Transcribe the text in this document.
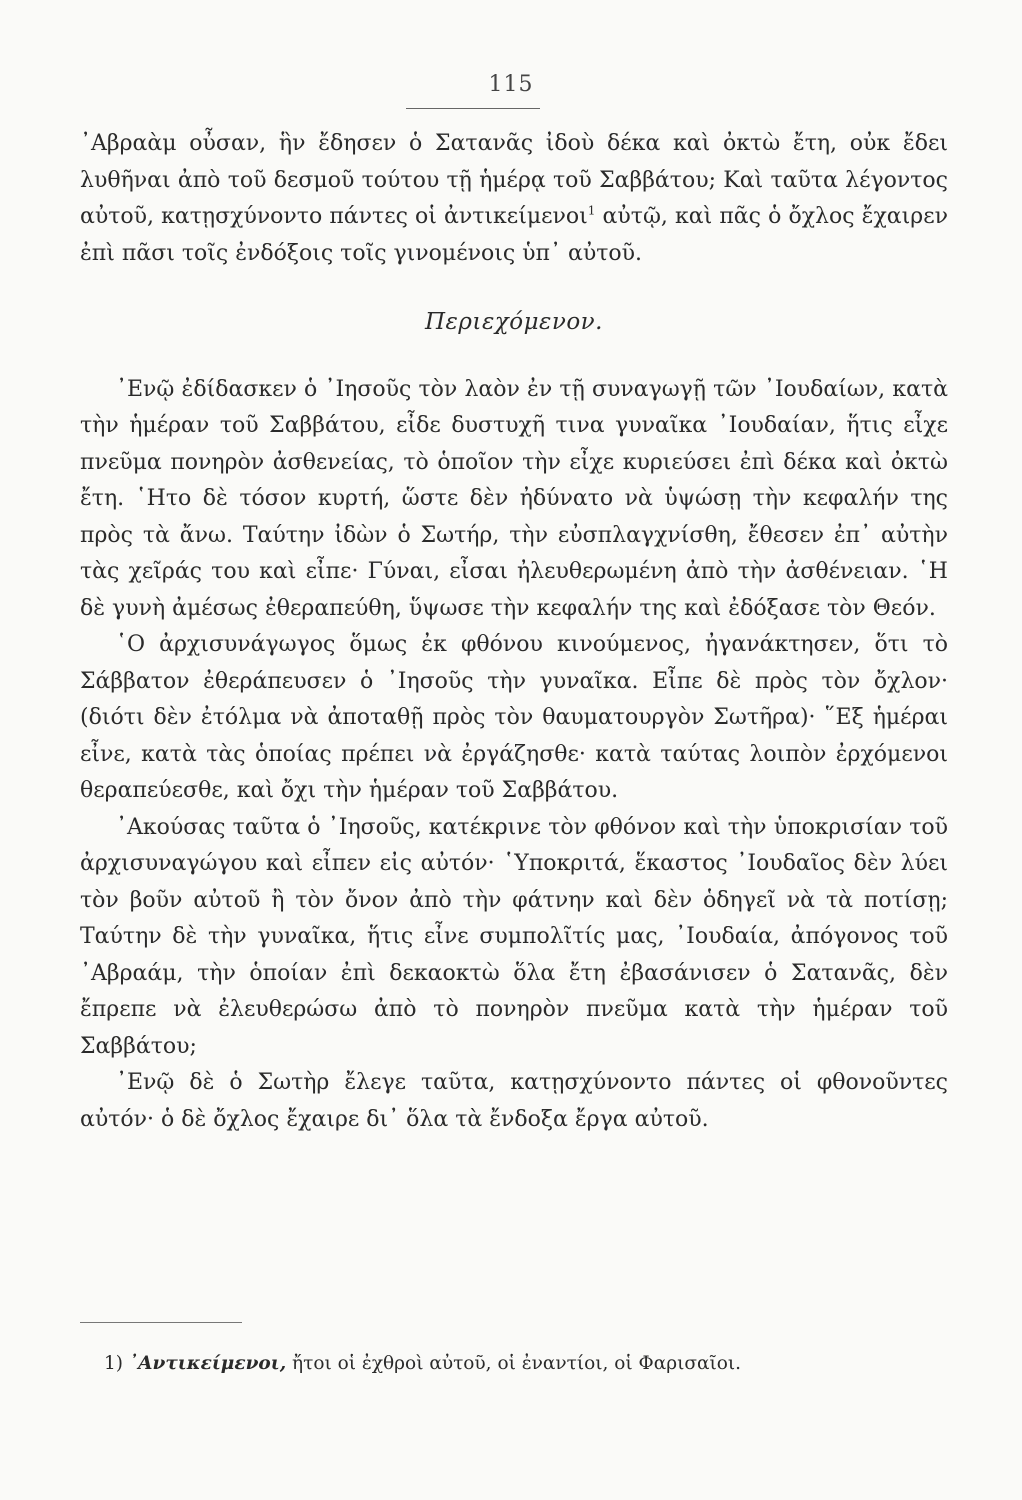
115

᾿Αβραὰμ οὖσαν, ἣν ἔδησεν ὁ Σατανᾶς ἰδοὺ δέκα καὶ ὀκτὼ ἔτη, οὐκ ἔδει λυθῆναι ἀπὸ τοῦ δεσμοῦ τούτου τῇ ἡμέρᾳ τοῦ Σαββάτου; Καὶ ταῦτα λέγοντος αὐτοῦ, κατῃσχύνοντο πάντες οἱ ἀντικείμενοι$^1$ αὐτῷ, καὶ πᾶς ὁ ὄχλος ἔχαιρεν ἐπὶ πᾶσι τοῖς ἐνδόξοις τοῖς γινομένοις ὑπ᾿ αὐτοῦ.

Περιεχόμενον.

᾿Ενῷ ἐδίδασκεν ὁ ᾿Ιησοῦς τὸν λαὸν ἐν τῇ συναγωγῇ τῶν ᾿Ιουδαίων, κατὰ τὴν ἡμέραν τοῦ Σαββάτου, εἶδε δυστυχῆ τινα γυναῖκα ᾿Ιουδαίαν, ἥτις εἶχε πνεῦμα πονηρὸν ἀσθενείας, τὸ ὁποῖον τὴν εἶχε κυριεύσει ἐπὶ δέκα καὶ ὀκτὼ ἔτη. ῾Ητο δὲ τόσον κυρτή, ὥστε δὲν ἠδύνατο νὰ ὑψώσῃ τὴν κεφαλήν της πρὸς τὰ ἄνω. Ταύτην ἰδὼν ὁ Σωτήρ, τὴν εὐσπλαγχνίσθη, ἔθεσεν ἐπ᾿ αὐτὴν τὰς χεῖράς του καὶ εἶπε· Γύναι, εἶσαι ἠλευθερωμένη ἀπὸ τὴν ἀσθένειαν. ῾Η δὲ γυνὴ ἀμέσως ἐθεραπεύθη, ὕψωσε τὴν κεφαλήν της καὶ ἐδόξασε τὸν Θεόν.

῾Ο ἀρχισυνάγωγος ὅμως ἐκ φθόνου κινούμενος, ἠγανάκτησεν, ὅτι τὸ Σάββατον ἐθεράπευσεν ὁ ᾿Ιησοῦς τὴν γυναῖκα. Εἶπε δὲ πρὸς τὸν ὄχλον· (διότι δὲν ἐτόλμα νὰ ἀποταθῇ πρὸς τὸν θαυματουργὸν Σωτῆρα)· ῞Εξ ἡμέραι εἶνε, κατὰ τὰς ὁποίας πρέπει νὰ ἐργάζησθε· κατὰ ταύτας λοιπὸν ἐρχόμενοι θεραπεύεσθε, καὶ ὄχι τὴν ἡμέραν τοῦ Σαββάτου.

᾿Ακούσας ταῦτα ὁ ᾿Ιησοῦς, κατέκρινε τὸν φθόνον καὶ τὴν ὑποκρισίαν τοῦ ἀρχισυναγώγου καὶ εἶπεν εἰς αὐτόν· ῾Υποκριτά, ἕκαστος ᾿Ιουδαῖος δὲν λύει τὸν βοῦν αὐτοῦ ἢ τὸν ὄνον ἀπὸ τὴν φάτνην καὶ δὲν ὁδηγεῖ νὰ τὰ ποτίσῃ; Ταύτην δὲ τὴν γυναῖκα, ἥτις εἶνε συμπολῖτίς μας, ᾿Ιουδαία, ἀπόγονος τοῦ ᾿Αβραάμ, τὴν ὁποίαν ἐπὶ δεκαοκτὼ ὅλα ἔτη ἐβασάνισεν ὁ Σατανᾶς, δὲν ἔπρεπε νὰ ἐλευθερώσω ἀπὸ τὸ πονηρὸν πνεῦμα κατὰ τὴν ἡμέραν τοῦ Σαββάτου;

᾿Ενῷ δὲ ὁ Σωτὴρ ἔλεγε ταῦτα, κατῃσχύνοντο πάντες οἱ φθονοῦντες αὐτόν· ὁ δὲ ὄχλος ἔχαιρε δι᾿ ὅλα τὰ ἔνδοξα ἔργα αὐτοῦ.

1) ᾿Αντικείμενοι, ἤτοι οἱ ἐχθροὶ αὐτοῦ, οἱ ἐναντίοι, οἱ Φαρισαῖοι.
